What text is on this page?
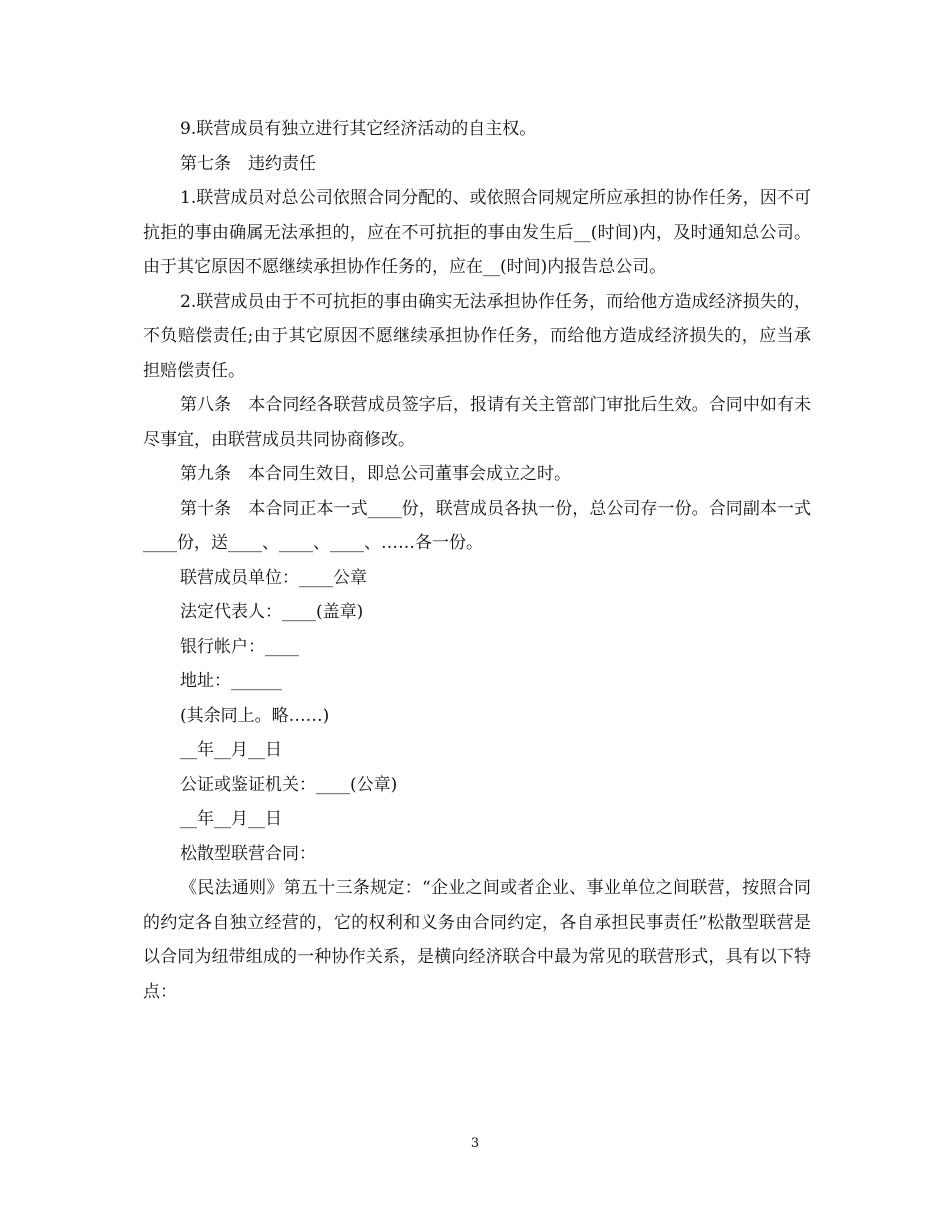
9.联营成员有独立进行其它经济活动的自主权。

第七条　违约责任

1.联营成员对总公司依照合同分配的、或依照合同规定所应承担的协作任务，因不可抗拒的事由确属无法承担的，应在不可抗拒的事由发生后__(时间)内，及时通知总公司。由于其它原因不愿继续承担协作任务的，应在__(时间)内报告总公司。

2.联营成员由于不可抗拒的事由确实无法承担协作任务，而给他方造成经济损失的，不负赔偿责任;由于其它原因不愿继续承担协作任务，而给他方造成经济损失的，应当承担赔偿责任。

第八条　本合同经各联营成员签字后，报请有关主管部门审批后生效。合同中如有未尽事宜，由联营成员共同协商修改。

第九条　本合同生效日，即总公司董事会成立之时。

第十条　本合同正本一式____份，联营成员各执一份，总公司存一份。合同副本一式____份，送____、____、____、……各一份。

联营成员单位：____公章

法定代表人：____(盖章)

银行帐户：____

地址：______

(其余同上。略……)

__年__月__日

公证或鉴证机关：____(公章)

__年__月__日

松散型联营合同：

《民法通则》第五十三条规定：“企业之间或者企业、事业单位之间联营，按照合同的约定各自独立经营的，它的权利和义务由合同约定，各自承担民事责任”松散型联营是以合同为纽带组成的一种协作关系，是横向经济联合中最为常见的联营形式，具有以下特点：

3
